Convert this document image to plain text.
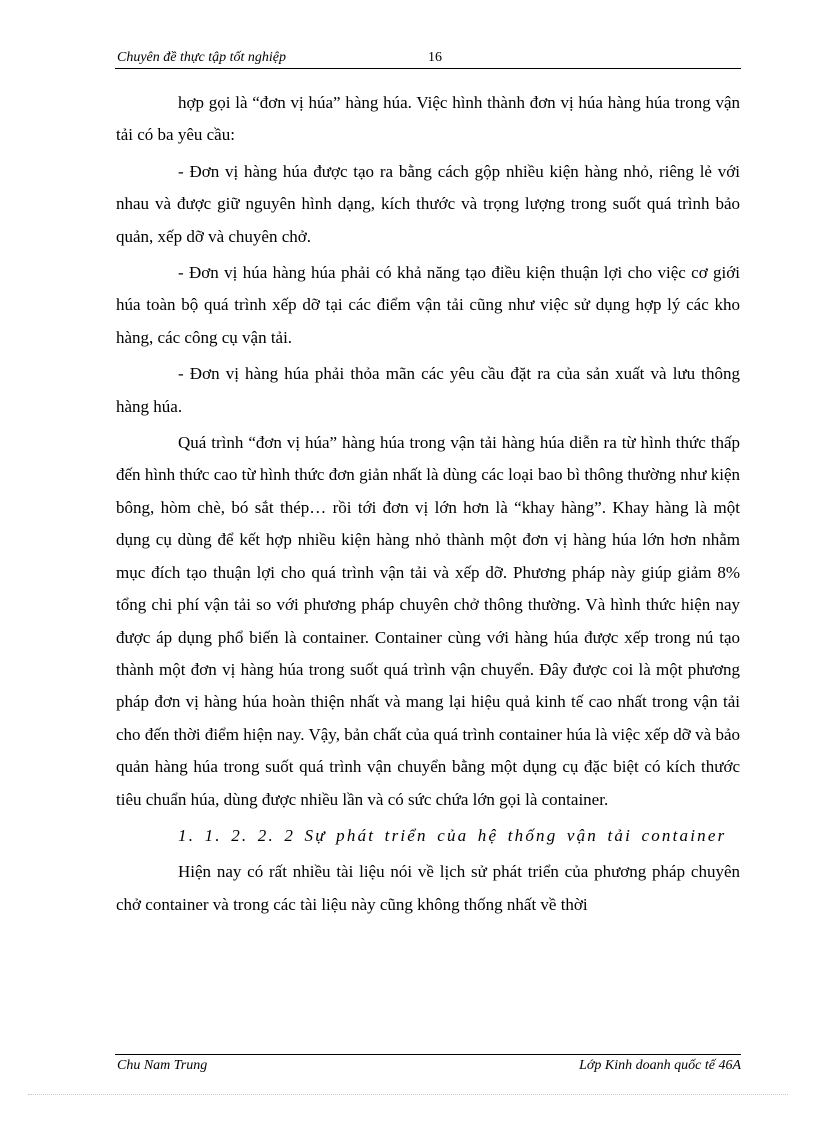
Chuyên đề thực tập tốt nghiệp	16

hợp gọi là “đơn vị húa” hàng húa. Việc hình thành đơn vị húa hàng húa trong vận tải có ba yêu cầu:

- Đơn vị hàng húa được tạo ra bằng cách gộp nhiều kiện hàng nhỏ, riêng lẻ với nhau và được giữ nguyên hình dạng, kích thước và trọng lượng trong suốt quá trình bảo quản, xếp dỡ và chuyên chở.

- Đơn vị húa hàng húa phải có khả năng tạo điều kiện thuận lợi cho việc cơ giới húa toàn bộ quá trình xếp dỡ tại các điểm vận tải cũng như việc sử dụng hợp lý các kho hàng, các công cụ vận tải.

- Đơn vị hàng húa phải thỏa mãn các yêu cầu đặt ra của sản xuất và lưu thông hàng húa.

Quá trình “đơn vị húa” hàng húa trong vận tải hàng húa diễn ra từ hình thức thấp đến hình thức cao từ hình thức đơn giản nhất là dùng các loại bao bì thông thường như kiện bông, hòm chè, bó sắt thép… rồi tới đơn vị lớn hơn là “khay hàng”. Khay hàng là một dụng cụ dùng để kết hợp nhiều kiện hàng nhỏ thành một đơn vị hàng húa lớn hơn nhằm mục đích tạo thuận lợi cho quá trình vận tải và xếp dỡ. Phương pháp này giúp giảm 8% tổng chi phí vận tải so với phương pháp chuyên chở thông thường. Và hình thức hiện nay được áp dụng phổ biến là container. Container cùng với hàng húa được xếp trong nú tạo thành một đơn vị hàng húa trong suốt quá trình vận chuyển. Đây được coi là một phương pháp đơn vị hàng húa hoàn thiện nhất và mang lại hiệu quả kinh tế cao nhất trong vận tải cho đến thời điểm hiện nay. Vậy, bản chất của quá trình container húa là việc xếp dỡ và bảo quản hàng húa trong suốt quá trình vận chuyển bằng một dụng cụ đặc biệt có kích thước tiêu chuẩn húa, dùng được nhiều lần và có sức chứa lớn gọi là container.

1. 1. 2. 2. 2 Sự phát triển của hệ thống vận tải container

Hiện nay có rất nhiều tài liệu nói về lịch sử phát triển của phương pháp chuyên chở container và trong các tài liệu này cũng không thống nhất về thời

Chu Nam Trung	Lớp Kinh doanh quốc tế 46A
